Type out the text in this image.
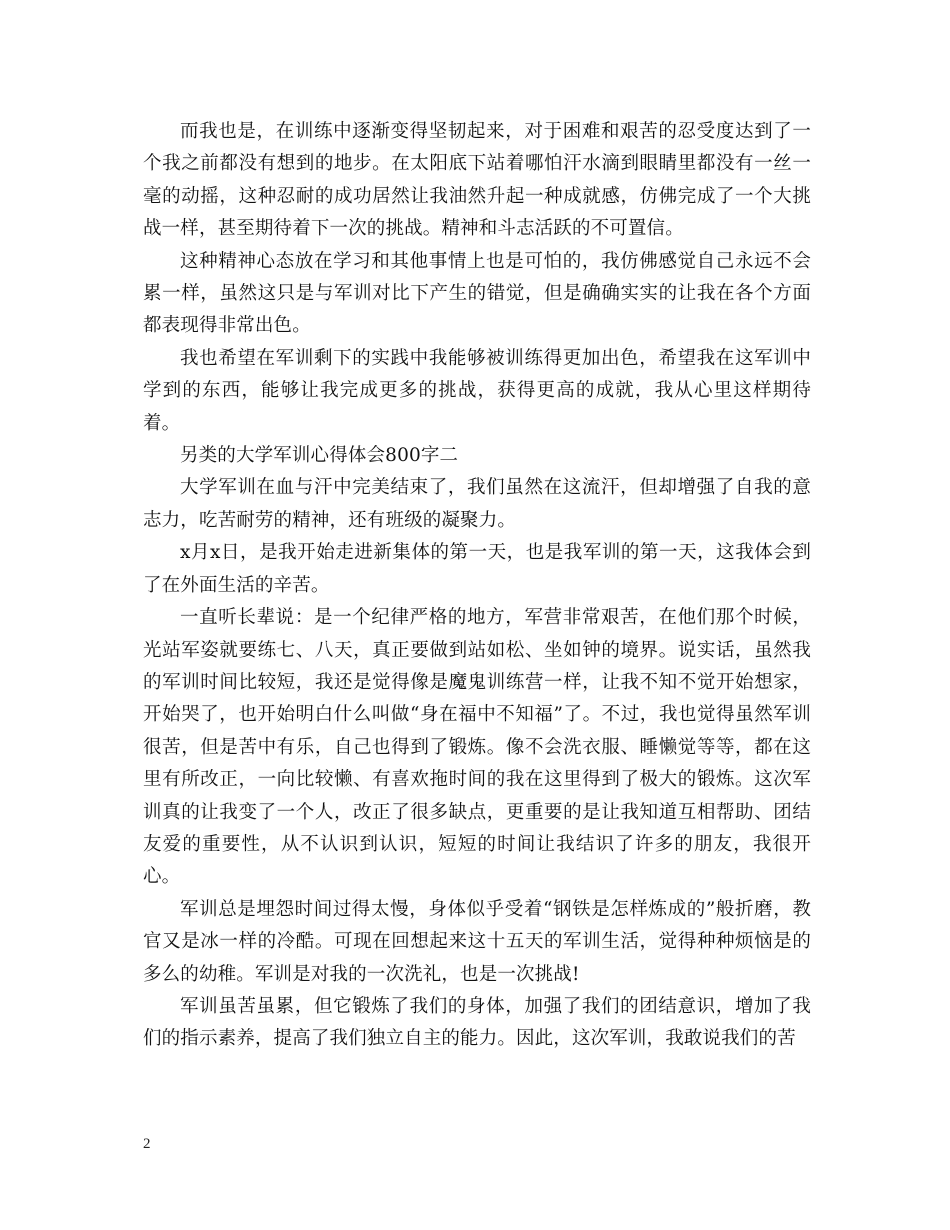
而我也是，在训练中逐渐变得坚韧起来，对于困难和艰苦的忍受度达到了一个我之前都没有想到的地步。在太阳底下站着哪怕汗水滴到眼睛里都没有一丝一毫的动摇，这种忍耐的成功居然让我油然升起一种成就感，仿佛完成了一个大挑战一样，甚至期待着下一次的挑战。精神和斗志活跃的不可置信。

这种精神心态放在学习和其他事情上也是可怕的，我仿佛感觉自己永远不会累一样，虽然这只是与军训对比下产生的错觉，但是确确实实的让我在各个方面都表现得非常出色。

我也希望在军训剩下的实践中我能够被训练得更加出色，希望我在这军训中学到的东西，能够让我完成更多的挑战，获得更高的成就，我从心里这样期待着。

另类的大学军训心得体会800字二

大学军训在血与汗中完美结束了，我们虽然在这流汗，但却增强了自我的意志力，吃苦耐劳的精神，还有班级的凝聚力。

x月x日，是我开始走进新集体的第一天，也是我军训的第一天，这我体会到了在外面生活的辛苦。

一直听长辈说：是一个纪律严格的地方，军营非常艰苦，在他们那个时候，光站军姿就要练七、八天，真正要做到站如松、坐如钟的境界。说实话，虽然我的军训时间比较短，我还是觉得像是魔鬼训练营一样，让我不知不觉开始想家，开始哭了，也开始明白什么叫做“身在福中不知福”了。不过，我也觉得虽然军训很苦，但是苦中有乐，自己也得到了锻炼。像不会洗衣服、睡懒觉等等，都在这里有所改正，一向比较懒、有喜欢拖时间的我在这里得到了极大的锻炼。这次军训真的让我变了一个人，改正了很多缺点，更重要的是让我知道互相帮助、团结友爱的重要性，从不认识到认识，短短的时间让我结识了许多的朋友，我很开心。

军训总是埋怨时间过得太慢，身体似乎受着“钢铁是怎样炼成的”般折磨，教官又是冰一样的冷酷。可现在回想起来这十五天的军训生活，觉得种种烦恼是的多么的幼稚。军训是对我的一次洗礼，也是一次挑战!

军训虽苦虽累，但它锻炼了我们的身体，加强了我们的团结意识，增加了我们的指示素养，提高了我们独立自主的能力。因此，这次军训，我敢说我们的苦

2
